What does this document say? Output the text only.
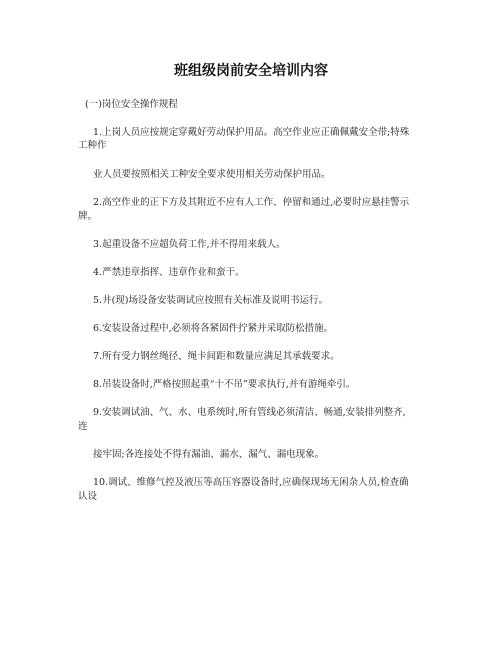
班组级岗前安全培训内容
(一)岗位安全操作规程
1.上岗人员应按规定穿戴好劳动保护用品。高空作业应正确佩戴安全带;特殊
工种作
业人员要按照相关工种安全要求使用相关劳动保护用品。
2.高空作业的正下方及其附近不应有人工作、停留和通过,必要时应悬挂警示
牌。
3.起重设备不应超负荷工作,并不得用来载人。
4.严禁违章指挥、违章作业和蛮干。
5.井(现)场设备安装调试应按照有关标准及说明书运行。
6.安装设备过程中,必须将各紧固件拧紧并采取防松措施。
7.所有受力钢丝绳径、绳卡间距和数量应满足其承载要求。
8.吊装设备时,严格按照起重“十不吊”要求执行,并有游绳牵引。
9.安装调试油、气、水、电系统时,所有管线必须清洁、畅通,安装排列整齐,
连
接牢固;各连接处不得有漏油、漏水、漏气、漏电现象。
10.调试、维修气控及液压等高压容器设备时,应确保现场无闲杂人员,检查确
认设
